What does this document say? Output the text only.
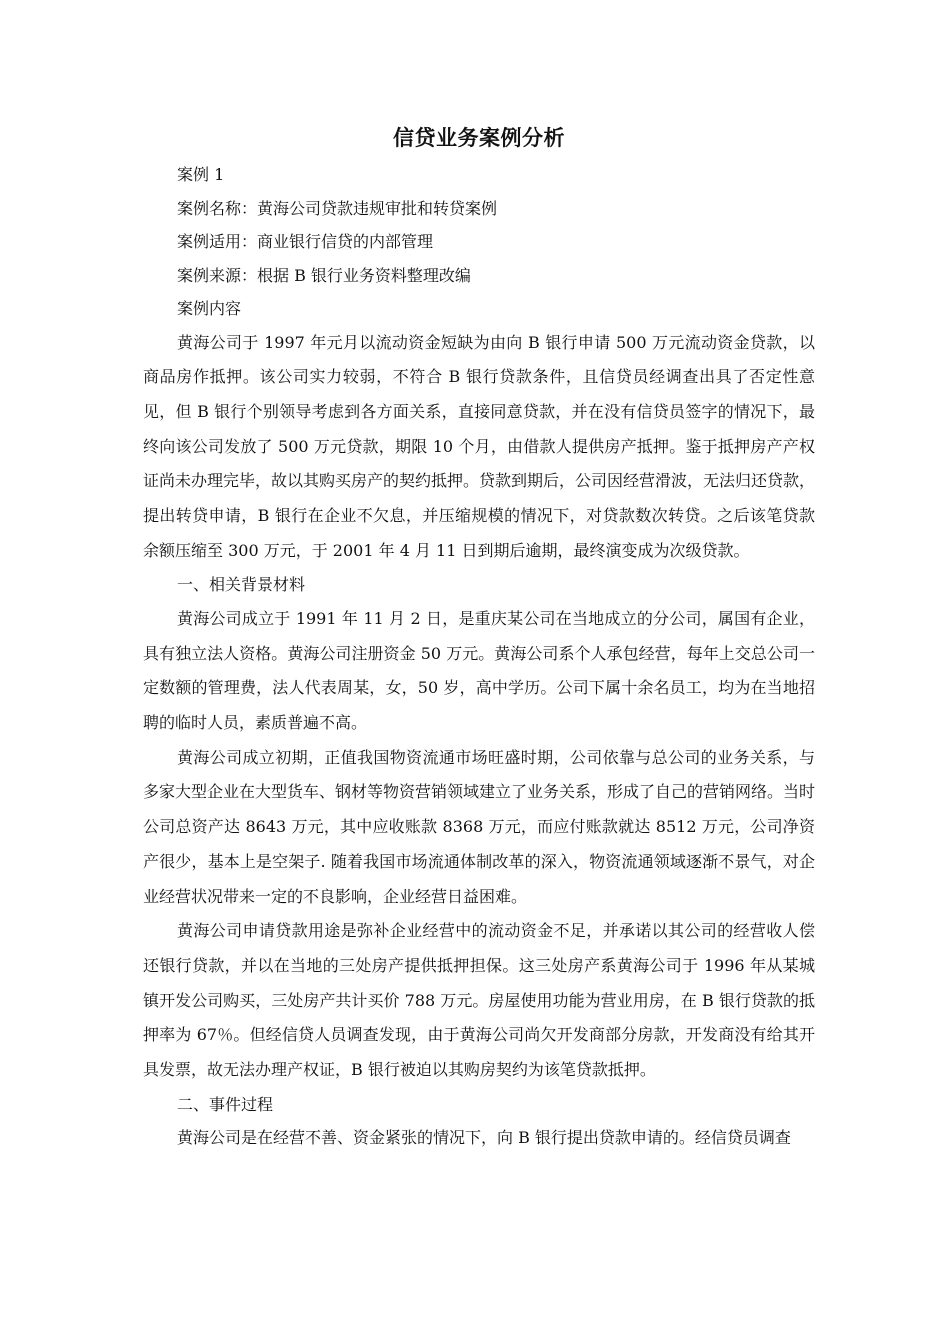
信贷业务案例分析

案例 1

案例名称：黄海公司贷款违规审批和转贷案例

案例适用：商业银行信贷的内部管理

案例来源：根据 B 银行业务资料整理改编

案例内容

黄海公司于 1997 年元月以流动资金短缺为由向 B 银行申请 500 万元流动资金贷款，以商品房作抵押。该公司实力较弱，不符合 B 银行贷款条件，且信贷员经调查出具了否定性意见，但 B 银行个别领导考虑到各方面关系，直接同意贷款，并在没有信贷员签字的情况下，最终向该公司发放了 500 万元贷款，期限 10 个月，由借款人提供房产抵押。鉴于抵押房产产权证尚未办理完毕，故以其购买房产的契约抵押。贷款到期后，公司因经营滑波，无法归还贷款，提出转贷申请，B 银行在企业不欠息，并压缩规模的情况下，对贷款数次转贷。之后该笔贷款余额压缩至 300 万元，于 2001 年 4 月 11 日到期后逾期，最终演变成为次级贷款。

一、相关背景材料

黄海公司成立于 1991 年 11 月 2 日，是重庆某公司在当地成立的分公司，属国有企业，具有独立法人资格。黄海公司注册资金 50 万元。黄海公司系个人承包经营，每年上交总公司一定数额的管理费，法人代表周某，女，50 岁，高中学历。公司下属十余名员工，均为在当地招聘的临时人员，素质普遍不高。

黄海公司成立初期，正值我国物资流通市场旺盛时期，公司依靠与总公司的业务关系，与多家大型企业在大型货车、钢材等物资营销领域建立了业务关系，形成了自己的营销网络。当时公司总资产达 8643 万元，其中应收账款 8368 万元，而应付账款就达 8512 万元，公司净资产很少，基本上是空架子. 随着我国市场流通体制改革的深入，物资流通领域逐渐不景气，对企业经营状况带来一定的不良影响，企业经营日益困难。

黄海公司申请贷款用途是弥补企业经营中的流动资金不足，并承诺以其公司的经营收人偿还银行贷款，并以在当地的三处房产提供抵押担保。这三处房产系黄海公司于 1996 年从某城镇开发公司购买，三处房产共计买价 788 万元。房屋使用功能为营业用房，在 B 银行贷款的抵押率为 67％。但经信贷人员调查发现，由于黄海公司尚欠开发商部分房款，开发商没有给其开具发票，故无法办理产权证，B 银行被迫以其购房契约为该笔贷款抵押。

二、事件过程

黄海公司是在经营不善、资金紧张的情况下，向 B 银行提出贷款申请的。经信贷员调查
